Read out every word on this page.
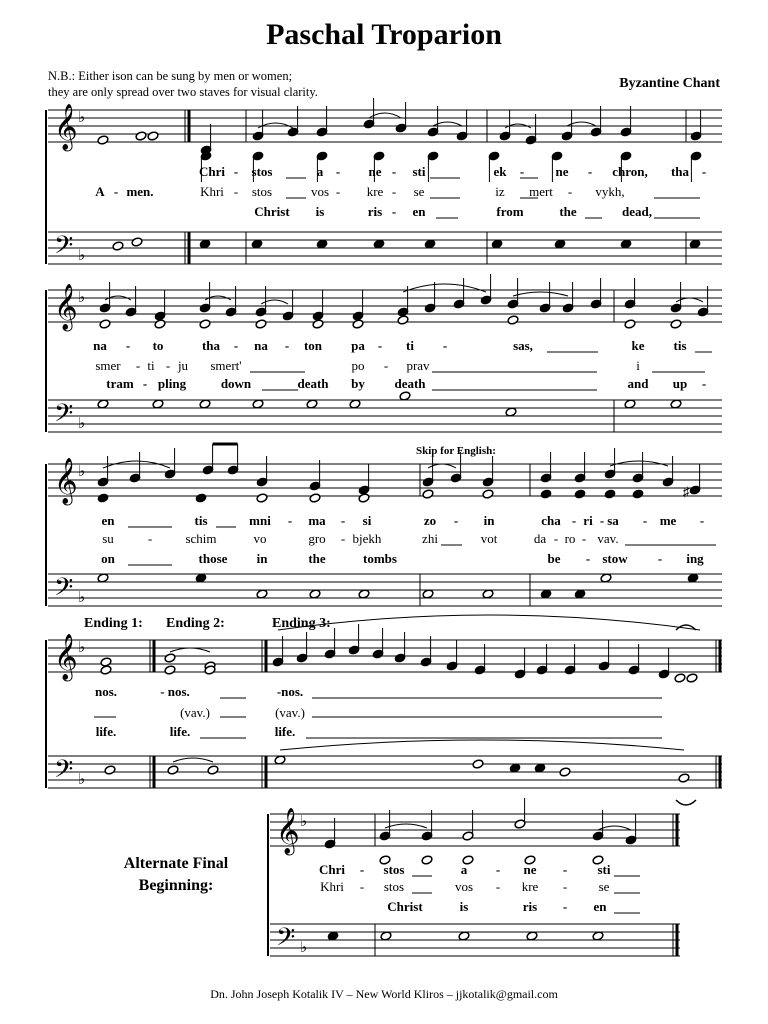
Paschal Troparion
N.B.: Either ison can be sung by men or women;
they are only spread over two staves for visual clarity.
Byzantine Chant
Skip for English:
Ending 1: Ending 2:	Ending 3:
Alternate Final
Beginning:
Dn. John Joseph Kotalik IV – New World Kliros – jjkotalik@gmail.com
𝄞 ♭
𝄢 ♭
Chri - stos	a - ne - sti	ek - ne - chron, tha -
A - men.	Khri - stos	vos - kre - se	iz mert - vykh,
Christ is	ris - en	from	the	dead,
𝄞 ♭
𝄢 ♭
na - to	tha - na - ton pa - ti -	sas,	ke tis
smer - ti - ju smert'	po - prav	i
tram - pling	down	death by death	and up -
𝄞 ♭
𝄢 ♭
♯
en	tis	mni - ma - si	zo - in	cha - ri - sa - me -
su	-	schim	vo	gro - bjekh	zhi	vot	da - ro - vav.
on	those in	the	tombs	be - stow - ing
𝄞 ♭
𝄢 ♭
nos.	- nos.	-nos.
(vav.)	(vav.)
life.	life.	life.
𝄞 ♭
𝄢 ♭
Chri - stos	a - ne - sti
Khri - stos	vos - kre - se
Christ	is	ris - en
